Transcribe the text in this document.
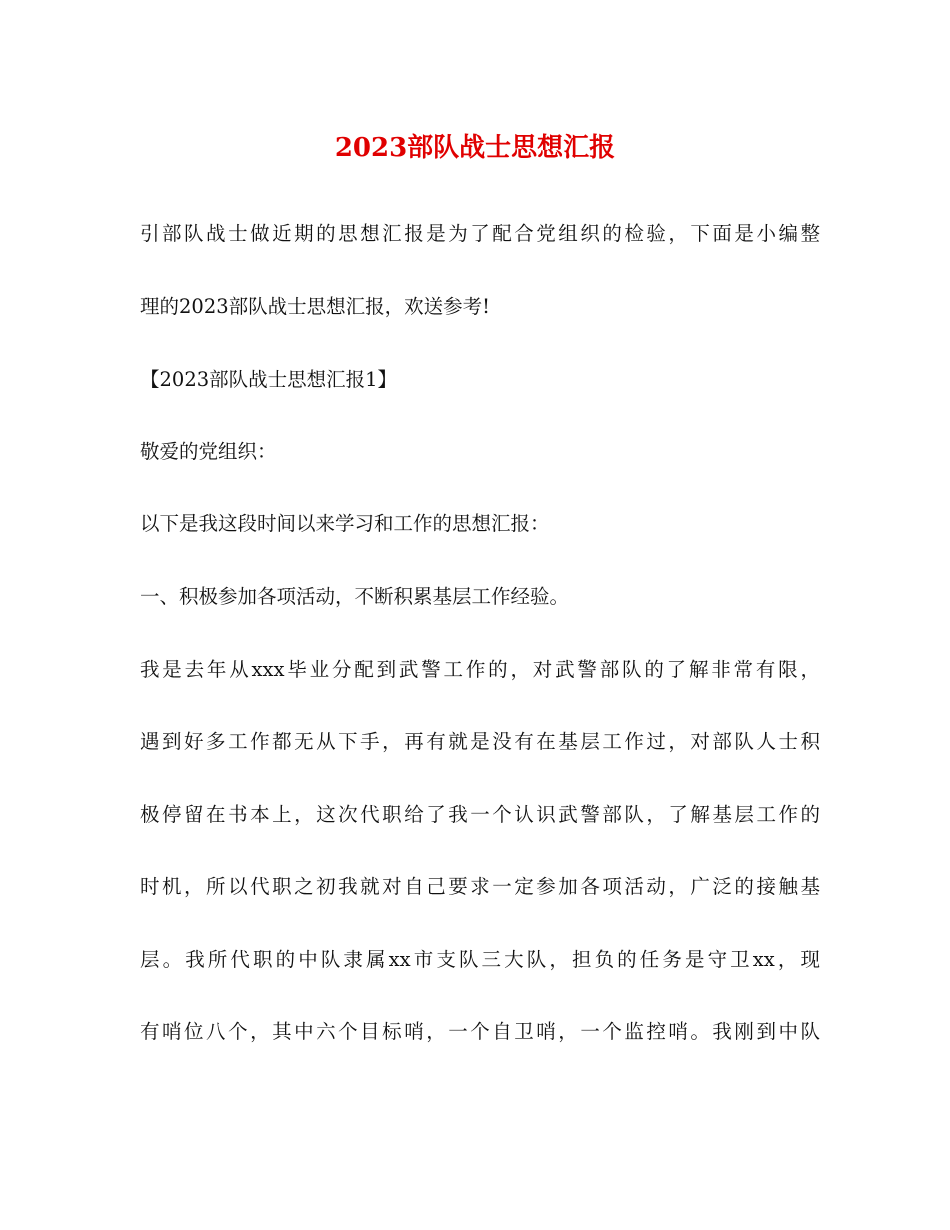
2023部队战士思想汇报
引部队战士做近期的思想汇报是为了配合党组织的检验，下面是小编整
理的2023部队战士思想汇报，欢送参考!
【2023部队战士思想汇报1】
敬爱的党组织：
以下是我这段时间以来学习和工作的思想汇报：
一、积极参加各项活动，不断积累基层工作经验。
我是去年从xxx毕业分配到武警工作的，对武警部队的了解非常有限，
遇到好多工作都无从下手，再有就是没有在基层工作过，对部队人士积
极停留在书本上，这次代职给了我一个认识武警部队，了解基层工作的
时机，所以代职之初我就对自己要求一定参加各项活动，广泛的接触基
层。我所代职的中队隶属xx市支队三大队，担负的任务是守卫xx，现
有哨位八个，其中六个目标哨，一个自卫哨，一个监控哨。我刚到中队
